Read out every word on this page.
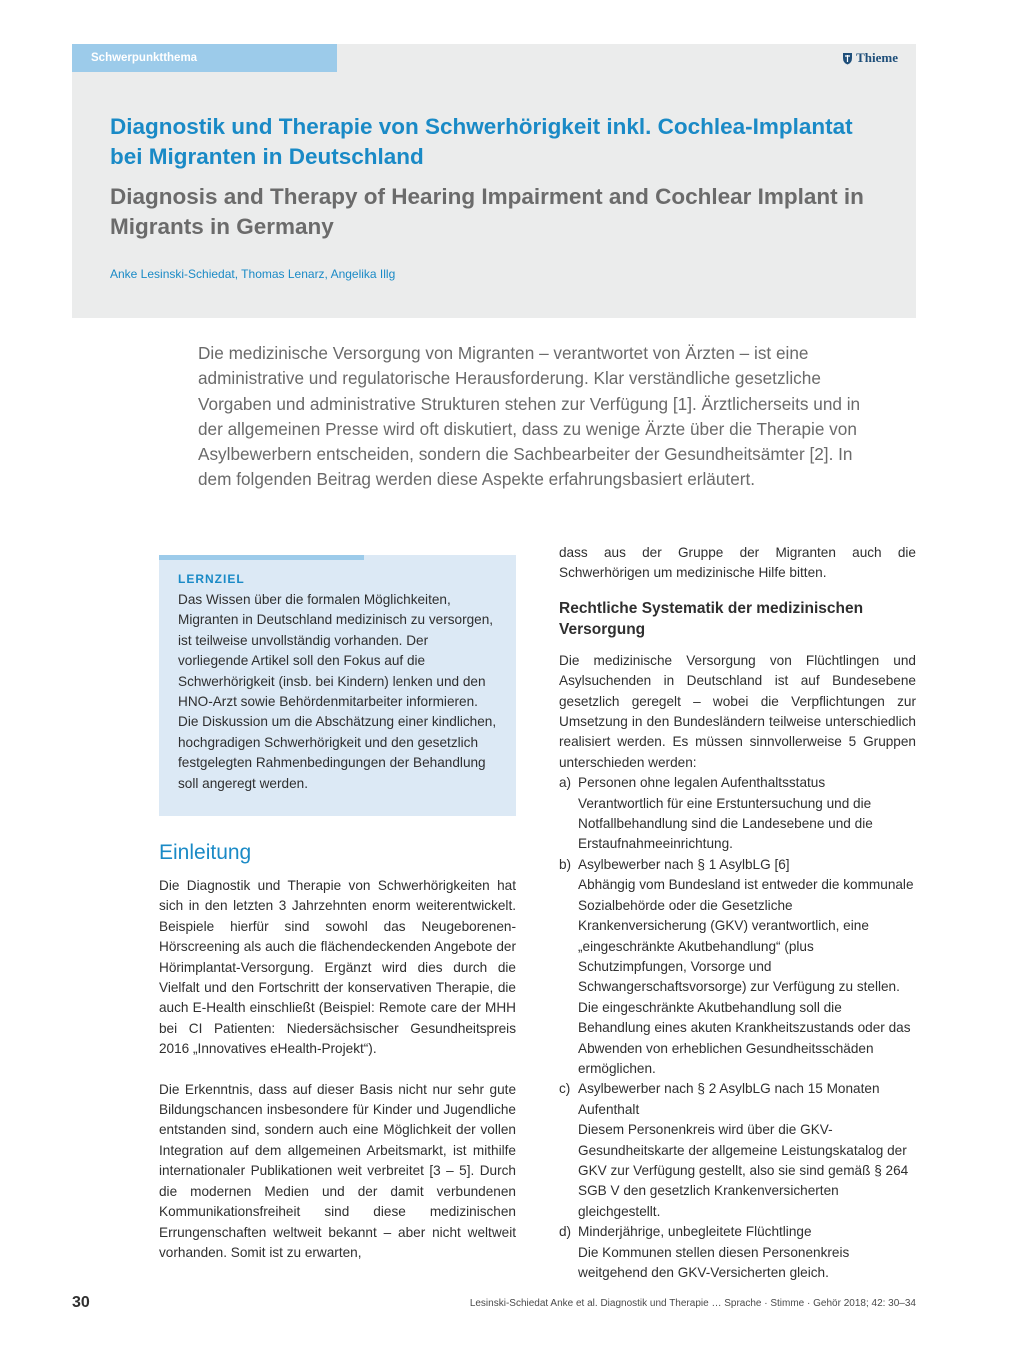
Schwerpunktthema	Thieme
Diagnostik und Therapie von Schwerhörigkeit inkl. Cochlea-Implantat bei Migranten in Deutschland
Diagnosis and Therapy of Hearing Impairment and Cochlear Implant in Migrants in Germany
Anke Lesinski-Schiedat, Thomas Lenarz, Angelika Illg

Die medizinische Versorgung von Migranten – verantwortet von Ärzten – ist eine administrative und regulatorische Herausforderung. Klar verständliche gesetzliche Vorgaben und administrative Strukturen stehen zur Verfügung [1]. Ärztlicherseits und in der allgemeinen Presse wird oft diskutiert, dass zu wenige Ärzte über die Therapie von Asylbewerbern entscheiden, sondern die Sachbearbeiter der Gesundheitsämter [2]. In dem folgenden Beitrag werden diese Aspekte erfahrungsbasiert erläutert.

LERNZIEL

Das Wissen über die formalen Möglichkeiten, Migranten in Deutschland medizinisch zu versorgen, ist teilweise unvollständig vorhanden. Der vorliegende Artikel soll den Fokus auf die Schwerhörigkeit (insb. bei Kindern) lenken und den HNO-Arzt sowie Behördenmitarbeiter informieren. Die Diskussion um die Abschätzung einer kindlichen, hochgradigen Schwerhörigkeit und den gesetzlich festgelegten Rahmenbedingungen der Behandlung soll angeregt werden.

Einleitung

Die Diagnostik und Therapie von Schwerhörigkeiten hat sich in den letzten 3 Jahrzehnten enorm weiterentwickelt. Beispiele hierfür sind sowohl das Neugeborenen-Hörscreening als auch die flächendeckenden Angebote der Hörimplantat-Versorgung. Ergänzt wird dies durch die Vielfalt und den Fortschritt der konservativen Therapie, die auch E-Health einschließt (Beispiel: Remote care der MHH bei CI Patienten: Niedersächsischer Gesundheitspreis 2016 „Innovatives eHealth-Projekt“).

Die Erkenntnis, dass auf dieser Basis nicht nur sehr gute Bildungschancen insbesondere für Kinder und Jugendliche entstanden sind, sondern auch eine Möglichkeit der vollen Integration auf dem allgemeinen Arbeitsmarkt, ist mithilfe internationaler Publikationen weit verbreitet [3 – 5]. Durch die modernen Medien und der damit verbundenen Kommunikationsfreiheit sind diese medizinischen Errungenschaften weltweit bekannt – aber nicht weltweit vorhanden. Somit ist zu erwarten,

dass aus der Gruppe der Migranten auch die Schwerhörigen um medizinische Hilfe bitten.

Rechtliche Systematik der medizinischen Versorgung

Die medizinische Versorgung von Flüchtlingen und Asylsuchenden in Deutschland ist auf Bundesebene gesetzlich geregelt – wobei die Verpflichtungen zur Umsetzung in den Bundesländern teilweise unterschiedlich realisiert werden. Es müssen sinnvollerweise 5 Gruppen unterschieden werden:

a) Personen ohne legalen Aufenthaltsstatus
Verantwortlich für eine Erstuntersuchung und die Notfallbehandlung sind die Landesebene und die Erstaufnahmeeinrichtung.
b) Asylbewerber nach § 1 AsylbLG [6]
Abhängig vom Bundesland ist entweder die kommunale Sozialbehörde oder die Gesetzliche Krankenversicherung (GKV) verantwortlich, eine „eingeschränkte Akutbehandlung“ (plus Schutzimpfungen, Vorsorge und Schwangerschaftsvorsorge) zur Verfügung zu stellen. Die eingeschränkte Akutbehandlung soll die Behandlung eines akuten Krankheitszustands oder das Abwenden von erheblichen Gesundheitsschäden ermöglichen.
c) Asylbewerber nach § 2 AsylbLG nach 15 Monaten Aufenthalt
Diesem Personenkreis wird über die GKV-Gesundheitskarte der allgemeine Leistungskatalog der GKV zur Verfügung gestellt, also sie sind gemäß § 264 SGB V den gesetzlich Krankenversicherten gleichgestellt.
d) Minderjährige, unbegleitete Flüchtlinge
Die Kommunen stellen diesen Personenkreis weitgehend den GKV-Versicherten gleich.
30	Lesinski-Schiedat Anke et al. Diagnostik und Therapie … Sprache · Stimme · Gehör 2018; 42: 30–34
